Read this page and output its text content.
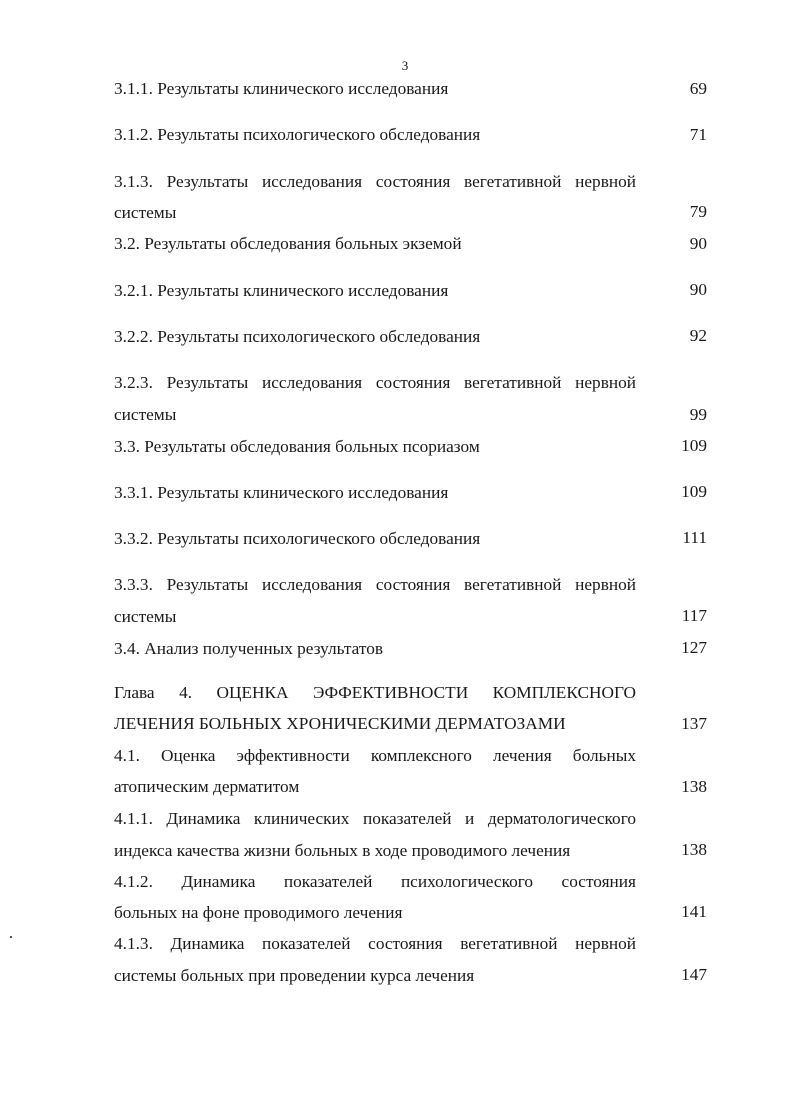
3
3.1.1. Результаты клинического исследования	69
3.1.2. Результаты психологического обследования	71
3.1.3. Результаты исследования состояния вегетативной нервной
системы	79
3.2. Результаты обследования больных экземой	90
3.2.1. Результаты клинического исследования	90
3.2.2. Результаты психологического обследования	92
3.2.3. Результаты исследования состояния вегетативной нервной
системы	99
3.3. Результаты обследования больных псориазом	109
3.3.1. Результаты клинического исследования	109
3.3.2. Результаты психологического обследования	111
3.3.3. Результаты исследования состояния вегетативной нервной
системы	117
3.4. Анализ полученных результатов	127
Глава 4. ОЦЕНКА ЭФФЕКТИВНОСТИ КОМПЛЕКСНОГО
ЛЕЧЕНИЯ БОЛЬНЫХ ХРОНИЧЕСКИМИ ДЕРМАТОЗАМИ	137
4.1. Оценка эффективности комплексного лечения больных
атопическим дерматитом	138
4.1.1. Динамика клинических показателей и дерматологического
индекса качества жизни больных в ходе проводимого лечения	138
4.1.2. Динамика показателей психологического состояния
больных на фоне проводимого лечения	141
4.1.3. Динамика показателей состояния вегетативной нервной
системы больных при проведении курса лечения	147
